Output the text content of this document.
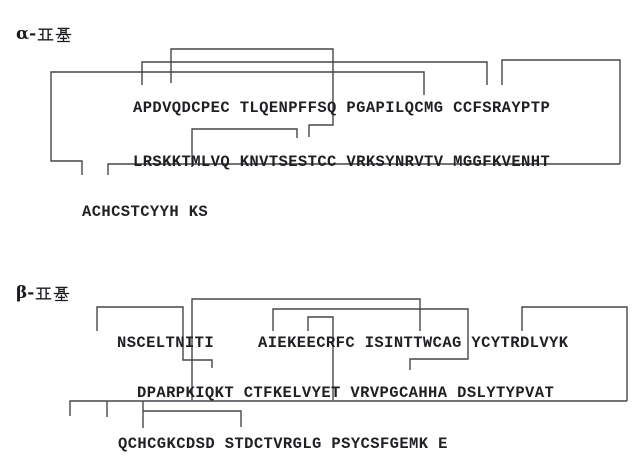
α-
β-
APDVQDCPEC TLQENPFFSQ PGAPILQCMG CCFSRAYPTP
LRSKKTMLVQ KNVTSESTCC VRKSYNRVTV MGGFKVENHT
ACHCSTCYYH KS
NSCELTNITI	AIEKEECRFC ISINTTWCAG YCYTRDLVYK
DPARPKIQKT CTFKELVYET VRVPGCAHHA DSLYTYPVAT
QCHCGKCDSD STDCTVRGLG PSYCSFGEMK E
